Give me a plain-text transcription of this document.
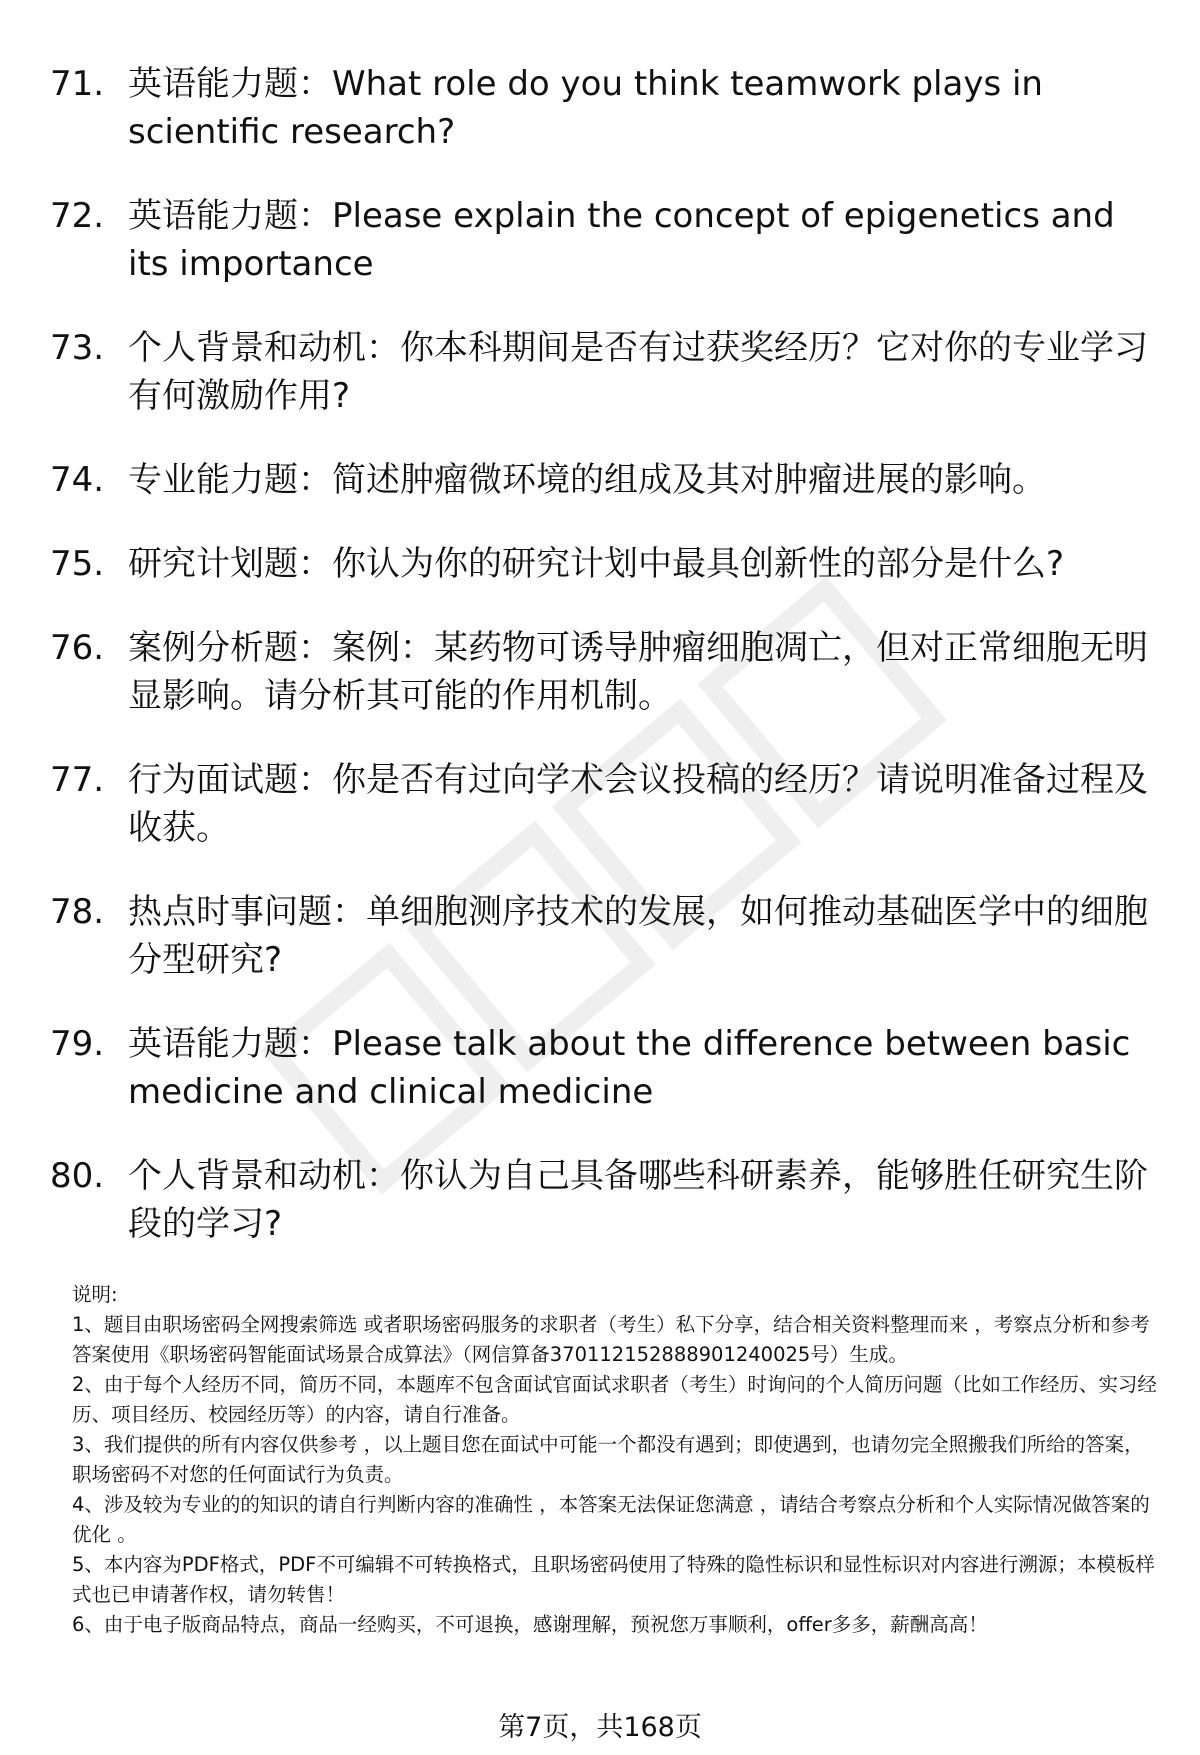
71. 英语能力题：What role do you think teamwork plays in scientific research?
72. 英语能力题：Please explain the concept of epigenetics and its importance
73. 个人背景和动机：你本科期间是否有过获奖经历？它对你的专业学习有何激励作用?
74. 专业能力题：简述肿瘤微环境的组成及其对肿瘤进展的影响。
75. 研究计划题：你认为你的研究计划中最具创新性的部分是什么?
76. 案例分析题：案例：某药物可诱导肿瘤细胞凋亡，但对正常细胞无明显影响。请分析其可能的作用机制。
77. 行为面试题：你是否有过向学术会议投稿的经历？请说明准备过程及收获。
78. 热点时事问题：单细胞测序技术的发展，如何推动基础医学中的细胞分型研究?
79. 英语能力题：Please talk about the difference between basic medicine and clinical medicine
80. 个人背景和动机：你认为自己具备哪些科研素养，能够胜任研究生阶段的学习?

说明:

1、题目由职场密码全网搜索筛选 或者职场密码服务的求职者（考生）私下分享，结合相关资料整理而来 ，考察点分析和参考答案使用《职场密码智能面试场景合成算法》（网信算备370112152888901240025号）生成。

2、由于每个人经历不同，简历不同，本题库不包含面试官面试求职者（考生）时询问的个人简历问题（比如工作经历、实习经历、项目经历、校园经历等）的内容，请自行准备。

3、我们提供的所有内容仅供参考 ，以上题目您在面试中可能一个都没有遇到；即使遇到，也请勿完全照搬我们所给的答案，职场密码不对您的任何面试行为负责。

4、涉及较为专业的的知识的请自行判断内容的准确性 ，本答案无法保证您满意 ，请结合考察点分析和个人实际情况做答案的优化 。

5、本内容为PDF格式，PDF不可编辑不可转换格式，且职场密码使用了特殊的隐性标识和显性标识对内容进行溯源；本模板样式也已申请著作权，请勿转售！

6、由于电子版商品特点，商品一经购买，不可退换，感谢理解，预祝您万事顺利，offer多多，薪酬高高！

第7页，共168页
